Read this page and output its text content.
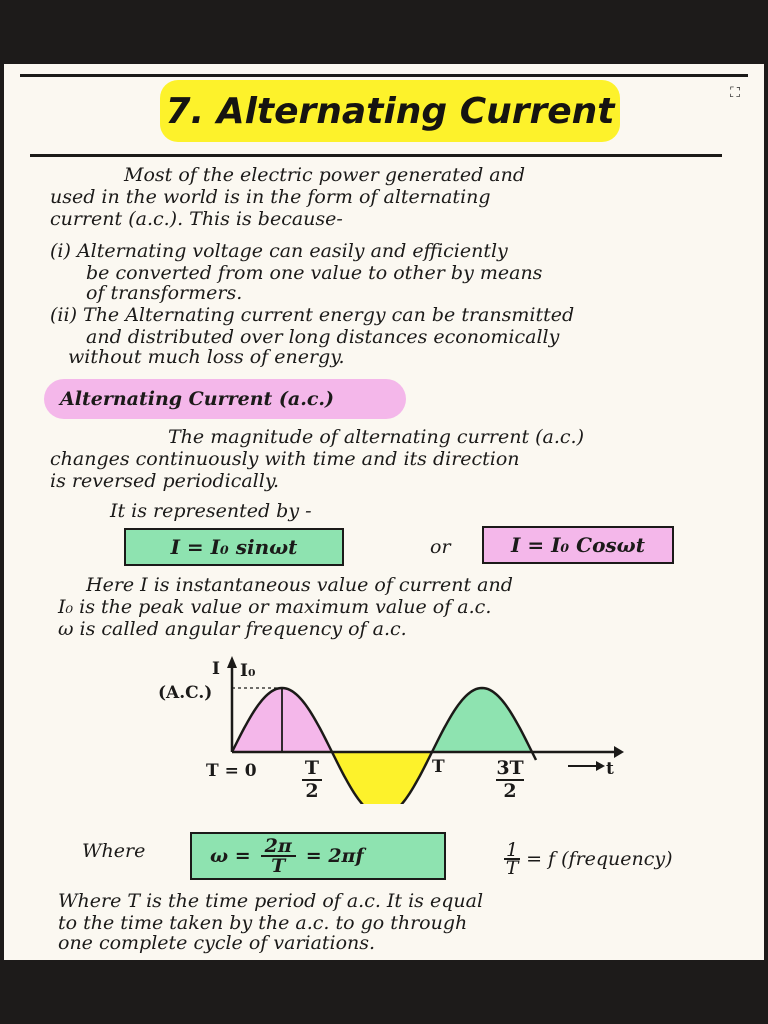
7. Alternating Current	⛶
Most of the electric power generated and
used in the world is in the form of alternating
current (a.c.). This is because-
(i) Alternating voltage can easily and efficiently
be converted from one value to other by means
of transformers.
(ii) The Alternating current energy can be transmitted
and distributed over long distances economically
without much loss of energy.
Alternating Current (a.c.)
The magnitude of alternating current (a.c.)
changes continuously with time and its direction
is reversed periodically.
It is represented by -
I = I₀ sinωt	or	I = I₀ Cosωt
Here I is instantaneous value of current and
I₀ is the peak value or maximum value of a.c.
ω is called angular frequency of a.c.
I
(A.C.)
I₀
T = 0	T	t
T
2
3T
2
Where	$\omega = \frac{2\pi}{T} = 2\pi f$	$\frac{1}{T} = f$ (frequency)
Where T is the time period of a.c. It is equal
to the time taken by the a.c. to go through
one complete cycle of variations.
